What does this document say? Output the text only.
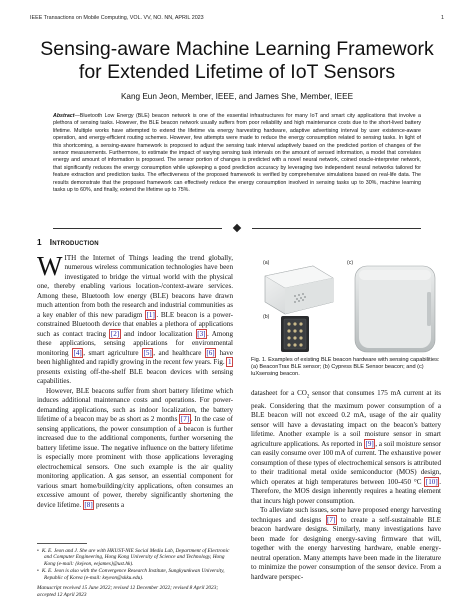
IEEE Transactions on Mobile Computing, VOL. VV, NO. NN, APRIL 2023	1
Sensing-aware Machine Learning Framework
for Extended Lifetime of IoT Sensors
Kang Eun Jeon, Member, IEEE, and James She, Member, IEEE
Abstract—Bluetooth Low Energy (BLE) beacon network is one of the essential infrastructures for many IoT and smart city applications that involve a plethora of sensing tasks. However, the BLE beacon network usually suffers from poor reliability and high maintenance costs due to the short-lived battery lifetime. Multiple works have attempted to extend the lifetime via energy harvesting hardware, adaptive advertising interval by user existence-aware operation, and energy-efficient routing schemes. However, few attempts were made to reduce the energy consumption related to sensing tasks. In light of this shortcoming, a sensing-aware framework is proposed to adjust the sensing task interval adaptively based on the predicted portion of changes of the sensor measurements. Furthermore, to estimate the impact of varying sensing task intervals on the amount of sensed information, a model that correlates energy and amount of information is proposed. The sensor portion of changes is predicted with a novel neural network, coined oracle-interpreter network, that significantly reduces the energy consumption while upkeeping a good prediction accuracy by leveraging two independent neural networks tailored for feature extraction and prediction tasks. The effectiveness of the proposed framework is verified by comprehensive simulations based on real-life data. The results demonstrate that the proposed framework can effectively reduce the energy consumption involved in sensing tasks up to 30%, machine learning tasks up to 60%, and finally, extend the lifetime up to 75%.
1 Introduction
WITH the Internet of Things leading the trend globally, numerous wireless communication technologies have been investigated to bridge the virtual world with the physical one, thereby enabling various location-/context-aware services. Among these, Bluetooth low energy (BLE) beacons have drawn much attention from both the research and industrial communities as a key enabler of this new paradigm [1] . BLE beacon is a power-constrained Bluetooth device that enables a plethora of applications such as contact tracing [2] and indoor localization [3] . Among these applications, sensing applications for environmental monitoring [4] , smart agriculture [5] , and healthcare [6] have been highlighted and rapidly growing in the recent few years. Fig. 1 presents existing off-the-shelf BLE beacon devices with sensing capabilities.
However, BLE beacons suffer from short battery lifetime which induces additional maintenance costs and operations. For power-demanding applications, such as indoor localization, the battery lifetime of a beacon may be as short as 2 months [7] . In the case of sensing applications, the power consumption of a beacon is further increased due to the additional components, further worsening the battery lifetime issue. The negative influence on the battery lifetime is especially more prominent with those applications leveraging electrochemical sensors. One such example is the air quality monitoring application. A gas sensor, an essential component for various smart home/building/city applications, often consumes an excessive amount of power, thereby significantly shortening the device lifetime. [8] presents a
• K. E. Jeon and J. She are with HKUST-NIE Social Media Lab, Department of Electronic and Computer Engineering, Hong Kong University of Science and Technology, Hong Kong (e-mail: {kejeon, eejames}@ust.hk).
• K. E. Jeon is also with the Convergence Research Institute, Sungkyunkwan University, Republic of Korea (e-mail: keyeon@skku.edu).
Manuscript received 15 June 2022; revised 12 December 2022; revised 8 April 2023; accepted 12 April 2023
(a)
(b)
(c)
Fig. 1. Examples of existing BLE beacon hardware with sensing capabilities: (a) BeaconTrax BLE sensor; (b) Cypress BLE Sensor beacon; and (c) luXsensing beacon.
datasheet for a $CO_2$ sensor that consumes 175 mA current at its peak. Considering that the maximum power consumption of a BLE beacon will not exceed 0.2 mA, usage of the air quality sensor will have a devastating impact on the beacon's battery lifetime. Another example is a soil moisture sensor in smart agriculture applications. As reported in [9] , a soil moisture sensor can easily consume over 100 mA of current. The exhaustive power consumption of these types of electrochemical sensors is attributed to their traditional metal oxide semiconductor (MOS) design, which operates at high temperatures between 100-450 °C [10] . Therefore, the MOS design inherently requires a heating element that incurs high power consumption.
To alleviate such issues, some have proposed energy harvesting techniques and designs [7] to create a self-sustainable BLE beacon hardware designs. Similarly, many investigations have been made for designing energy-saving firmware that will, together with the energy harvesting hardware, enable energy-neutral operation. Many attempts have been made in the literature to minimize the power consumption of the sensor device. From a hardware perspec-
